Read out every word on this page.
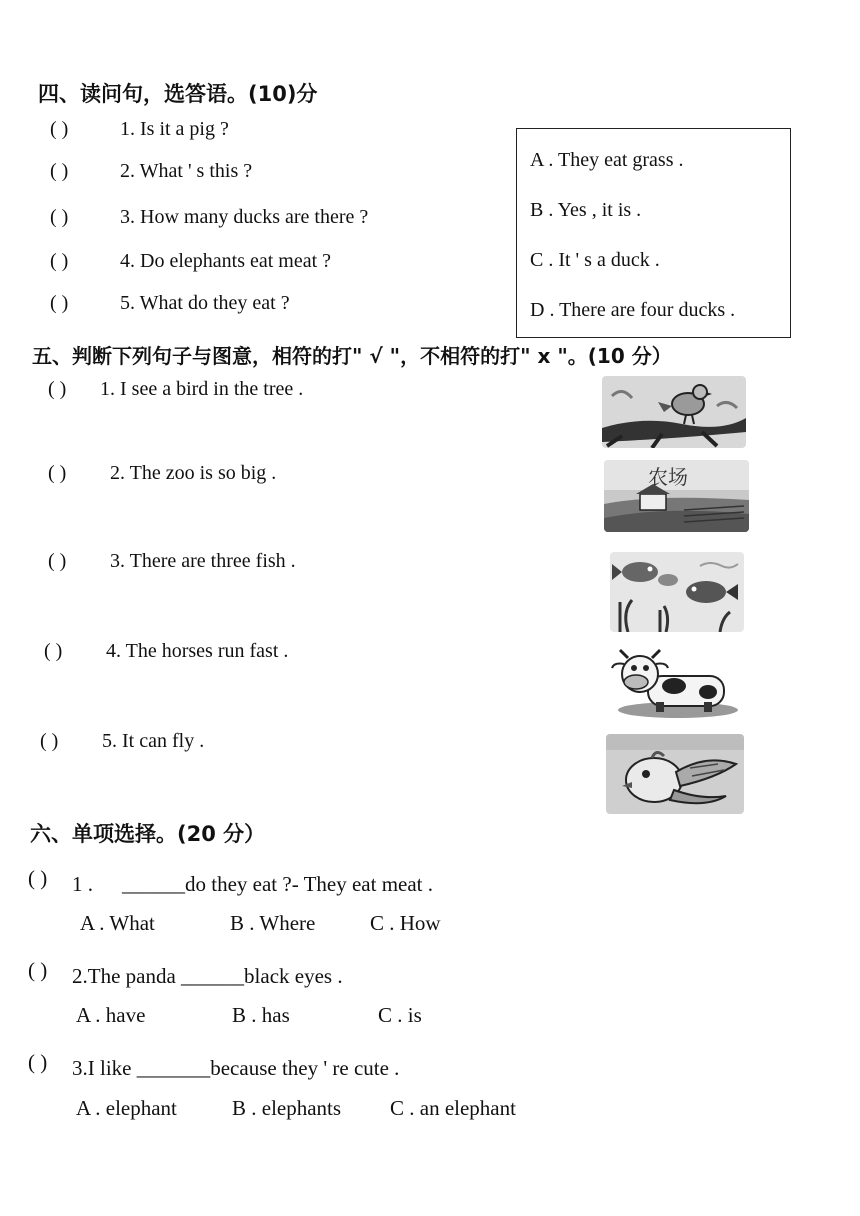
四、读问句，选答语。(10)分
( )	1. Is it a pig ?
( )	2. What ' s this ?
( )	3. How many ducks are there ?
( )	4. Do elephants eat meat ?
( )	5. What do they eat ?
A . They eat grass .
B . Yes , it is .
C . It ' s a duck .
D . There are four ducks .
五、判断下列句子与图意，相符的打" √ "，不相符的打" x "。(10 分）
( ) 1. I see a bird in the tree .
( ) 2. The zoo is so big .
( ) 3. There are three fish .
( ) 4. The horses run fast .
( ) 5. It can fly .
农场
六、单项选择。(20 分）
( ) 1 . ______do they eat ?- They eat meat .
A . What	B . Where	C . How
( ) 2.The panda ______black eyes .
A . have	B . has	C . is
( ) 3.I like _______because they ' re cute .
A . elephant	B . elephants C . an elephant
